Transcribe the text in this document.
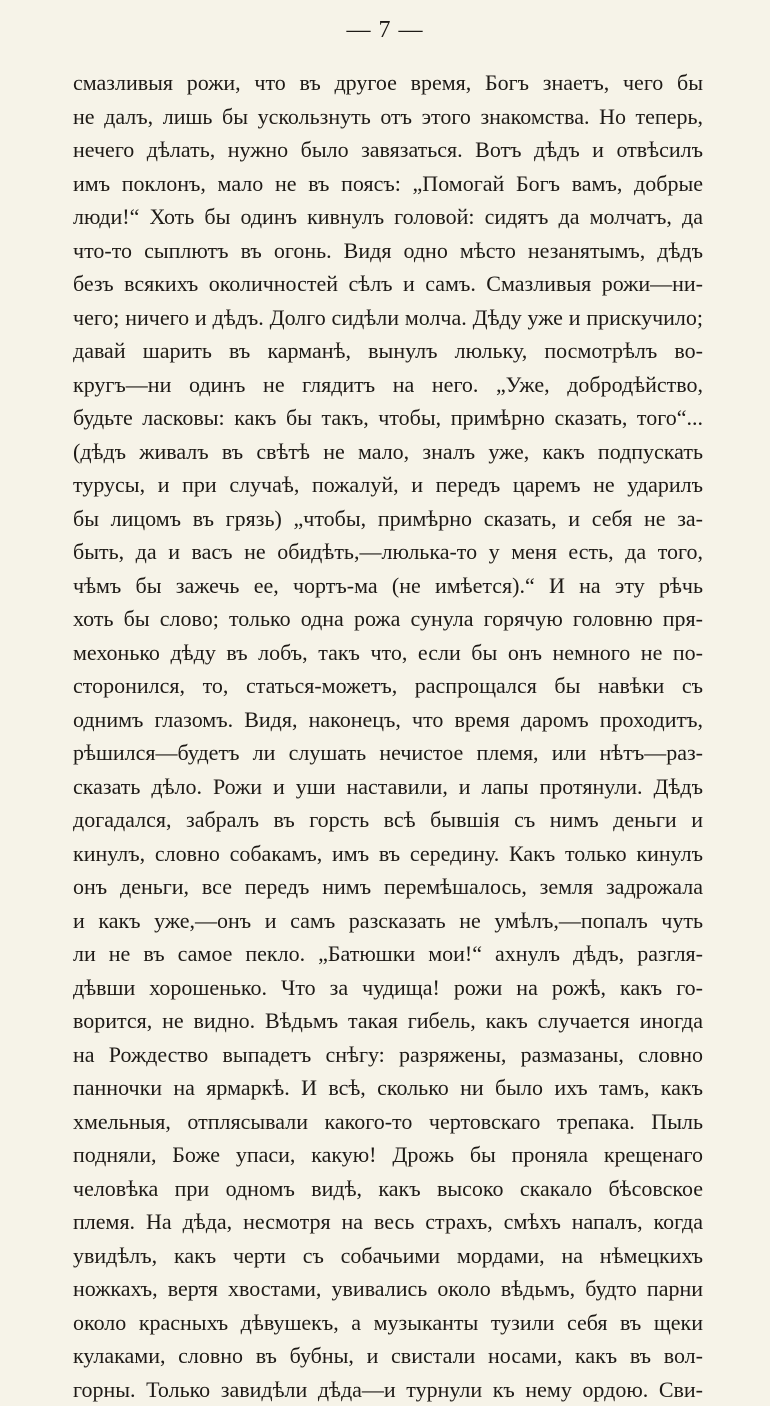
— 7 —
смазливыя рожи, что въ другое время, Богъ знаетъ, чего бы
не далъ, лишь бы ускользнуть отъ этого знакомства. Но теперь,
нечего дѣлать, нужно было завязаться. Вотъ дѣдъ и отвѣсилъ
имъ поклонъ, мало не въ поясъ: „Помогай Богъ вамъ, добрые
люди!“ Хоть бы одинъ кивнулъ головой: сидятъ да молчатъ, да
что-то сыплютъ въ огонь. Видя одно мѣсто незанятымъ, дѣдъ
безъ всякихъ околичностей сѣлъ и самъ. Смазливыя рожи—ни-
чего; ничего и дѣдъ. Долго сидѣли молча. Дѣду уже и прискучило;
давай шарить въ карманѣ, вынулъ люльку, посмотрѣлъ во-
кругъ—ни одинъ не глядитъ на него. „Уже, добродѣйство,
будьте ласковы: какъ бы такъ, чтобы, примѣрно сказать, того“...
(дѣдъ живалъ въ свѣтѣ не мало, зналъ уже, какъ подпускать
турусы, и при случаѣ, пожалуй, и передъ царемъ не ударилъ
бы лицомъ въ грязь) „чтобы, примѣрно сказать, и себя не за-
быть, да и васъ не обидѣть,—люлька-то у меня есть, да того,
чѣмъ бы зажечь ее, чортъ-ма (не имѣется).“ И на эту рѣчь
хоть бы слово; только одна рожа сунула горячую головню пря-
мехонько дѣду въ лобъ, такъ что, если бы онъ немного не по-
сторонился, то, статься-можетъ, распрощался бы навѣки съ
однимъ глазомъ. Видя, наконецъ, что время даромъ проходитъ,
рѣшился—будетъ ли слушать нечистое племя, или нѣтъ—раз-
сказать дѣло. Рожи и уши наставили, и лапы протянули. Дѣдъ
догадался, забралъ въ горсть всѣ бывшія съ нимъ деньги и
кинулъ, словно собакамъ, имъ въ середину. Какъ только кинулъ
онъ деньги, все передъ нимъ перемѣшалось, земля задрожала
и какъ уже,—онъ и самъ разсказать не умѣлъ,—попалъ чуть
ли не въ самое пекло. „Батюшки мои!“ ахнулъ дѣдъ, разгля-
дѣвши хорошенько. Что за чудища! рожи на рожѣ, какъ го-
ворится, не видно. Вѣдьмъ такая гибель, какъ случается иногда
на Рождество выпадетъ снѣгу: разряжены, размазаны, словно
панночки на ярмаркѣ. И всѣ, сколько ни было ихъ тамъ, какъ
хмельныя, отплясывали какого-то чертовскаго трепака. Пыль
подняли, Боже упаси, какую! Дрожь бы проняла крещенаго
человѣка при одномъ видѣ, какъ высоко скакало бѣсовское
племя. На дѣда, несмотря на весь страхъ, смѣхъ напалъ, когда
увидѣлъ, какъ черти съ собачьими мордами, на нѣмецкихъ
ножкахъ, вертя хвостами, увивались около вѣдьмъ, будто парни
около красныхъ дѣвушекъ, а музыканты тузили себя въ щеки
кулаками, словно въ бубны, и свистали носами, какъ въ вол-
горны. Только завидѣли дѣда—и турнули къ нему ордою. Сви-
